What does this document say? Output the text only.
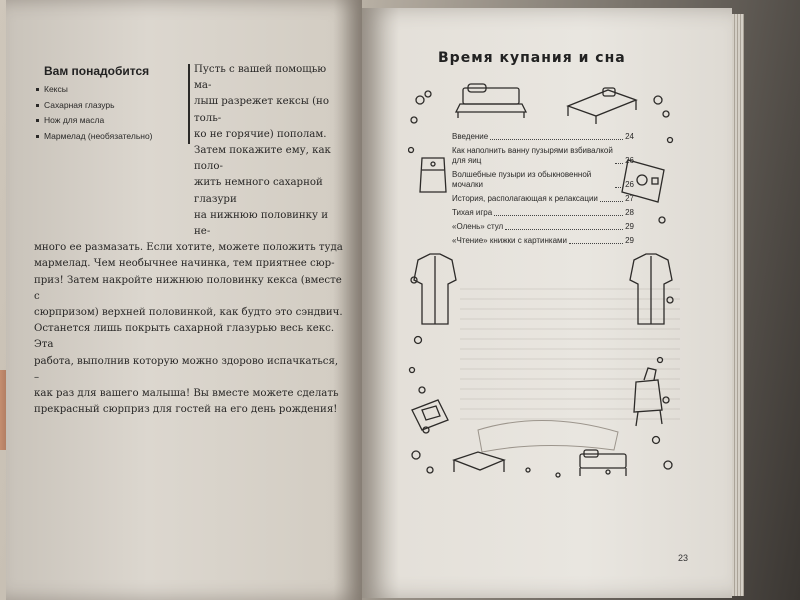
Вам понадобится
Кексы
Сахарная глазурь
Нож для масла
Мармелад (необязательно)
Пусть с вашей помощью ма-
лыш разрежет кексы (но толь-
ко не горячие) пополам.
Затем покажите ему, как поло-
жить немного сахарной глазури
на нижнюю половинку и не-

много ее размазать. Если хотите, можете положить туда

мармелад. Чем необычнее начинка, тем приятнее сюр-

приз! Затем накройте нижнюю половинку кекса (вместе с

сюрпризом) верхней половинкой, как будто это сэндвич.

Останется лишь покрыть сахарной глазурью весь кекс. Эта

работа, выполнив которую можно здорово испачкаться, –

как раз для вашего малыша! Вы вместе можете сделать

прекрасный сюрприз для гостей на его день рождения!

Время купания и сна
Введение	24
Как наполнить ванну пузырями взбивалкой для яиц	26
Волшебные пузыри из обыкновенной мочалки	26
История, располагающая к релаксации	27
Тихая игра	28
«Олень» стул	29
«Чтение» книжки с картинками	29
23
